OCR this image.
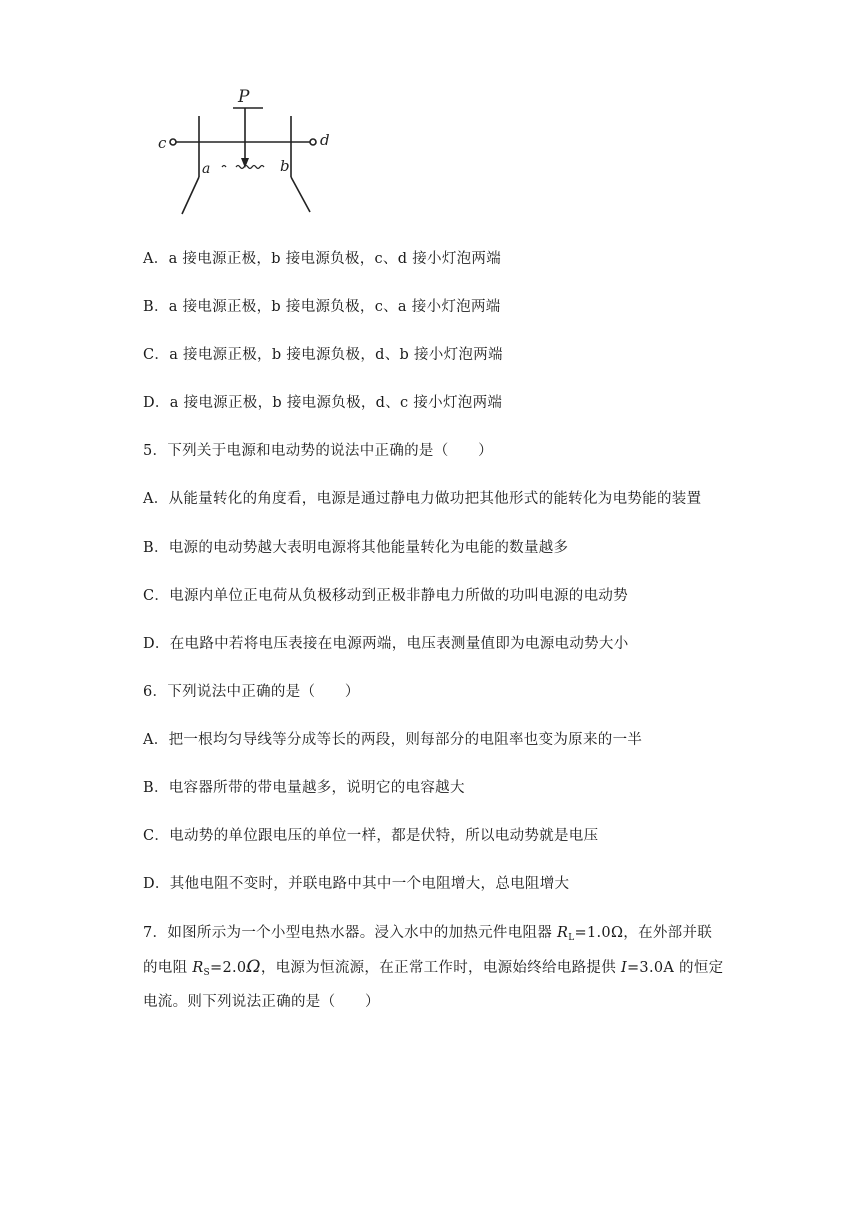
P
c	d
a	b
A．a 接电源正极，b 接电源负极，c、d 接小灯泡两端
B．a 接电源正极，b 接电源负极，c、a 接小灯泡两端
C．a 接电源正极，b 接电源负极，d、b 接小灯泡两端
D．a 接电源正极，b 接电源负极，d、c 接小灯泡两端
5．下列关于电源和电动势的说法中正确的是（　　）
A．从能量转化的角度看，电源是通过静电力做功把其他形式的能转化为电势能的装置
B．电源的电动势越大表明电源将其他能量转化为电能的数量越多
C．电源内单位正电荷从负极移动到正极非静电力所做的功叫电源的电动势
D．在电路中若将电压表接在电源两端，电压表测量值即为电源电动势大小
6．下列说法中正确的是（　　）
A．把一根均匀导线等分成等长的两段，则每部分的电阻率也变为原来的一半
B．电容器所带的带电量越多，说明它的电容越大
C．电动势的单位跟电压的单位一样，都是伏特，所以电动势就是电压
D．其他电阻不变时，并联电路中其中一个电阻增大，总电阻增大
7．如图所示为一个小型电热水器。浸入水中的加热元件电阻器 $R_L=1.0\Omega$，在外部并联
的电阻 $R_S=2.0\Omega$，电源为恒流源，在正常工作时，电源始终给电路提供 I=3.0A 的恒定
电流。则下列说法正确的是（　　）
